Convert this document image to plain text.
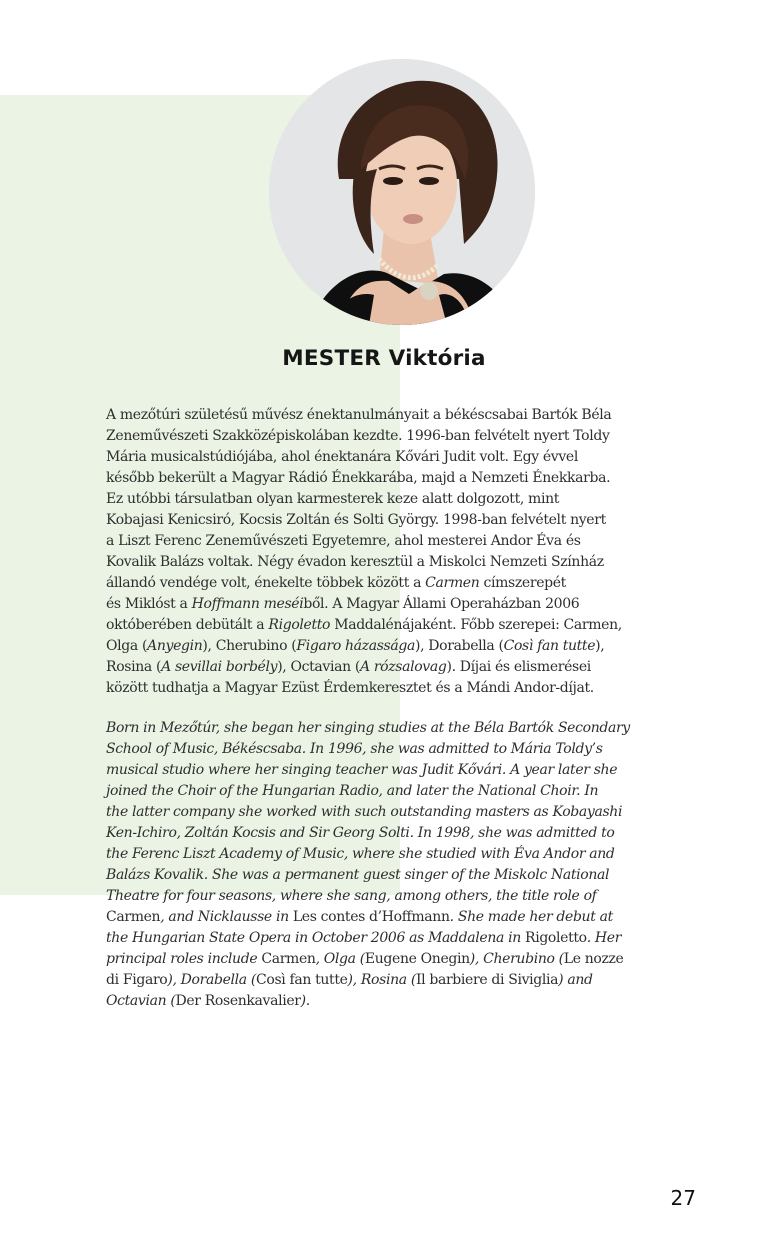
MESTER Viktória
A mezőtúri születésű művész énektanulmányait a békéscsabai Bartók Béla
Zeneművészeti Szakközépiskolában kezdte. 1996-ban felvételt nyert Toldy
Mária musicalstúdiójába, ahol énektanára Kővári Judit volt. Egy évvel
később bekerült a Magyar Rádió Énekkarába, majd a Nemzeti Énekkarba.
Ez utóbbi társulatban olyan karmesterek keze alatt dolgozott, mint
Kobajasi Kenicsiró, Kocsis Zoltán és Solti György. 1998-ban felvételt nyert
a Liszt Ferenc Zeneművészeti Egyetemre, ahol mesterei Andor Éva és
Kovalik Balázs voltak. Négy évadon keresztül a Miskolci Nemzeti Színház
állandó vendége volt, énekelte többek között a Carmen címszerepét
és Miklóst a Hoffmann meséiből. A Magyar Állami Operaházban 2006
októberében debütált a Rigoletto Maddalénájaként. Főbb szerepei: Carmen,
Olga (Anyegin), Cherubino (Figaro házassága), Dorabella (Così fan tutte),
Rosina (A sevillai borbély), Octavian (A rózsalovag). Díjai és elismerései
között tudhatja a Magyar Ezüst Érdemkeresztet és a Mándi Andor-díjat.
Born in Mezőtúr, she began her singing studies at the Béla Bartók Secondary
School of Music, Békéscsaba. In 1996, she was admitted to Mária Toldy’s
musical studio where her singing teacher was Judit Kővári. A year later she
joined the Choir of the Hungarian Radio, and later the National Choir. In
the latter company she worked with such outstanding masters as Kobayashi
Ken-Ichiro, Zoltán Kocsis and Sir Georg Solti. In 1998, she was admitted to
the Ferenc Liszt Academy of Music, where she studied with Éva Andor and
Balázs Kovalik. She was a permanent guest singer of the Miskolc National
Theatre for four seasons, where she sang, among others, the title role of
Carmen, and Nicklausse in Les contes d’Hoffmann. She made her debut at
the Hungarian State Opera in October 2006 as Maddalena in Rigoletto. Her
principal roles include Carmen, Olga (Eugene Onegin), Cherubino (Le nozze
di Figaro), Dorabella (Così fan tutte), Rosina (Il barbiere di Siviglia) and
Octavian (Der Rosenkavalier).
27
